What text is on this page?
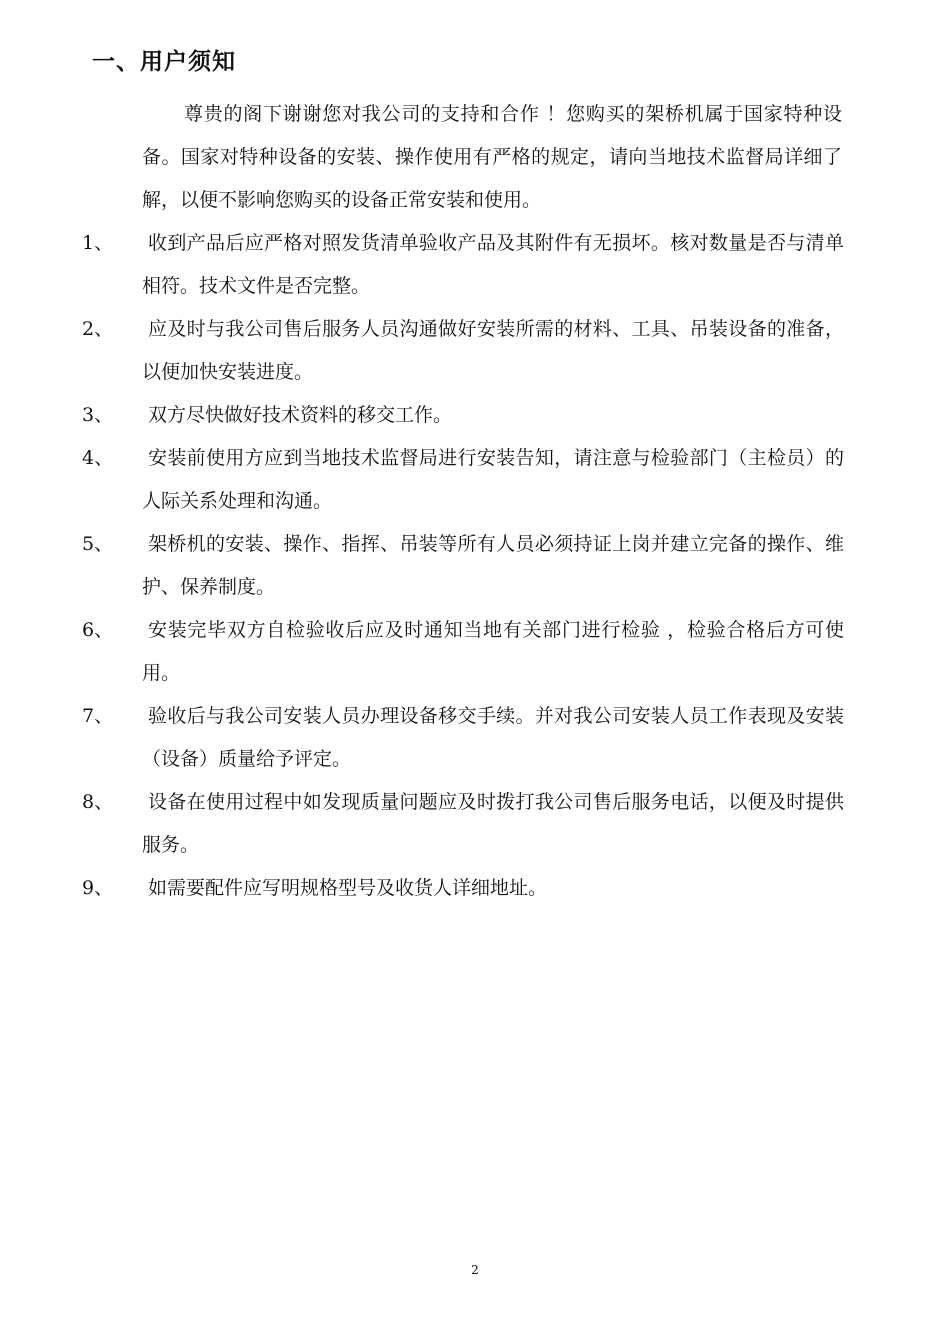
一、用户须知

尊贵的阁下谢谢您对我公司的支持和合作 ！您购买的架桥机属于国家特种设备。国家对特种设备的安装、操作使用有严格的规定，请向当地技术监督局详细了解，以便不影响您购买的设备正常安装和使用。

1、	收到产品后应严格对照发货清单验收产品及其附件有无损坏。核对数量是否与清单相符。技术文件是否完整。
2、	应及时与我公司售后服务人员沟通做好安装所需的材料、工具、吊装设备的准备，以便加快安装进度。
3、	双方尽快做好技术资料的移交工作。
4、	安装前使用方应到当地技术监督局进行安装告知，请注意与检验部门（主检员）的人际关系处理和沟通。
5、	架桥机的安装、操作、指挥、吊装等所有人员必须持证上岗并建立完备的操作、维护、保养制度。
6、	安装完毕双方自检验收后应及时通知当地有关部门进行检验 ，检验合格后方可使用。
7、	验收后与我公司安装人员办理设备移交手续。并对我公司安装人员工作表现及安装（设备）质量给予评定。
8、	设备在使用过程中如发现质量问题应及时拨打我公司售后服务电话，以便及时提供服务。
9、	如需要配件应写明规格型号及收货人详细地址。
2
